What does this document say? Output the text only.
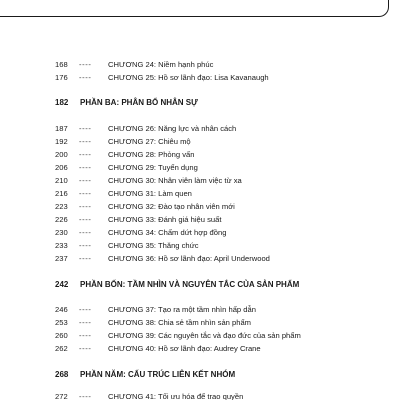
168	---- CHƯƠNG 24: Niềm hạnh phúc
176	---- CHƯƠNG 25: Hồ sơ lãnh đạo: Lisa Kavanaugh
182 PHẦN BA: PHÂN BỔ NHÂN SỰ
187	---- CHƯƠNG 26: Năng lực và nhân cách
192	---- CHƯƠNG 27: Chiêu mộ
200	---- CHƯƠNG 28: Phỏng vấn
206	---- CHƯƠNG 29: Tuyển dụng
210	---- CHƯƠNG 30: Nhân viên làm việc từ xa
216	---- CHƯƠNG 31: Làm quen
223	---- CHƯƠNG 32: Đào tạo nhân viên mới
226	---- CHƯƠNG 33: Đánh giá hiệu suất
230	---- CHƯƠNG 34: Chấm dứt hợp đồng
233	---- CHƯƠNG 35: Thăng chức
237	---- CHƯƠNG 36: Hồ sơ lãnh đạo: April Underwood
242 PHẦN BỐN: TẦM NHÌN VÀ NGUYÊN TẮC CỦA SẢN PHẨM
246	---- CHƯƠNG 37: Tạo ra một tầm nhìn hấp dẫn
253	---- CHƯƠNG 38: Chia sẻ tầm nhìn sản phẩm
260	---- CHƯƠNG 39: Các nguyên tắc và đạo đức của sản phẩm
262	---- CHƯƠNG 40: Hồ sơ lãnh đạo: Audrey Crane
268 PHẦN NĂM: CẤU TRÚC LIÊN KẾT NHÓM
272	---- CHƯƠNG 41: Tối ưu hóa để trao quyền
